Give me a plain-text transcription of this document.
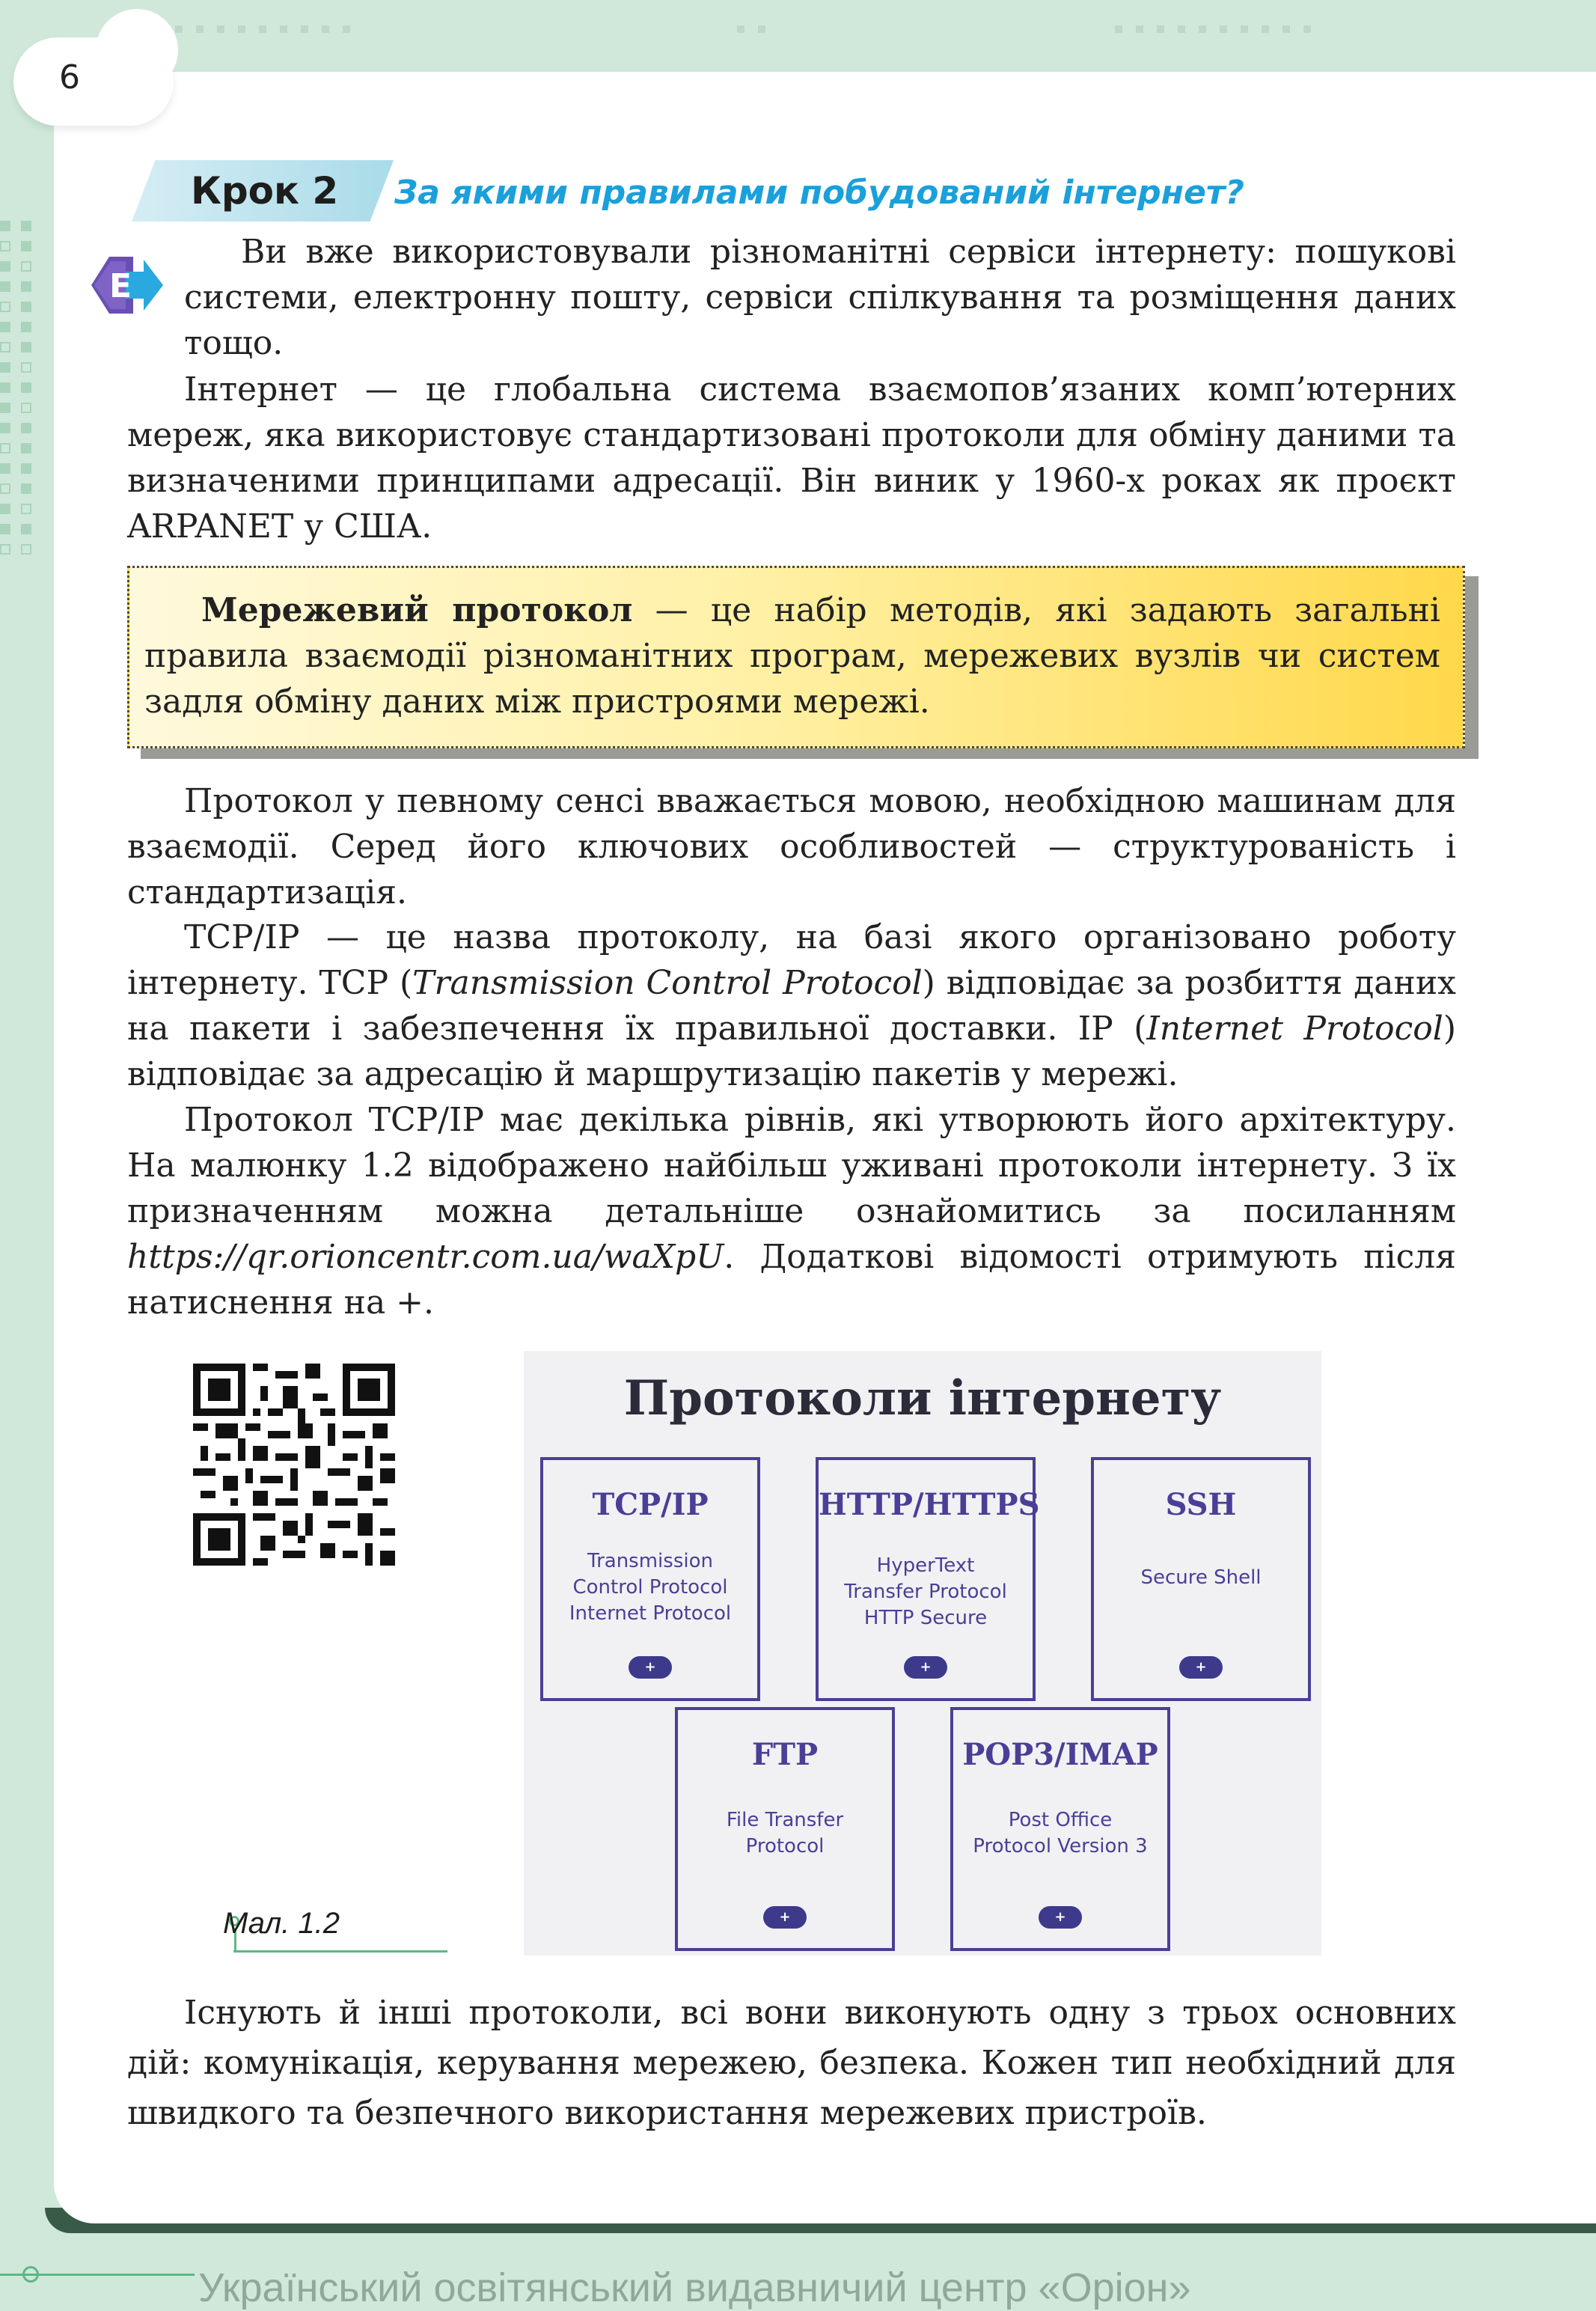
6
Крок 2 За якими правилами побудований інтернет?
E

Ви вже використовували різноманітні сервіси інтернету: пошукові системи, електронну пошту, сервіси спілкування та розміщення даних тощо.

Інтернет — це глобальна система взаємопов’язаних комп’ютерних мереж, яка використовує стандартизовані протоколи для обміну даними та визначеними принципами адресації. Він виник у 1960-х роках як проєкт ARPANET у США.

Мережевий протокол — це набір методів, які задають загальні правила взаємодії різноманітних програм, мережевих вузлів чи систем задля обміну даних між пристроями мережі.

Протокол у певному сенсі вважається мовою, необхідною машинам для взаємодії. Серед його ключових особливостей — структурованість і стандартизація.

TCP/IP — це назва протоколу, на базі якого організовано роботу інтернету. TCP (Transmission Control Protocol) відповідає за розбиття даних на пакети і забезпечення їх правильної доставки. IP (Internet Protocol) відповідає за адресацію й маршрутизацію пакетів у мережі.

Протокол TCP/IP має декілька рівнів, які утворюють його архітектуру. На малюнку 1.2 відображено найбільш уживані протоколи інтернету. З їх призначенням можна детальніше ознайомитись за посиланням https://qr.orioncentr.com.ua/waXpU. Додаткові відомості отримують після натиснення на +.

Мал. 1.2
Протоколи інтернету
TCP/IP
Transmission
Control Protocol
Internet Protocol
+
HTTP/HTTPS
HyperText
Transfer Protocol
HTTP Secure
+
SSH
Secure Shell
+
FTP
File Transfer
Protocol
+
POP3/IMAP
Post Office
Protocol Version 3
+

Існують й інші протоколи, всі вони виконують одну з трьох основних дій: комунікація, керування мережею, безпека. Кожен тип необхідний для швидкого та безпечного використання мережевих пристроїв.

Український освітянський видавничий центр «Оріон»
